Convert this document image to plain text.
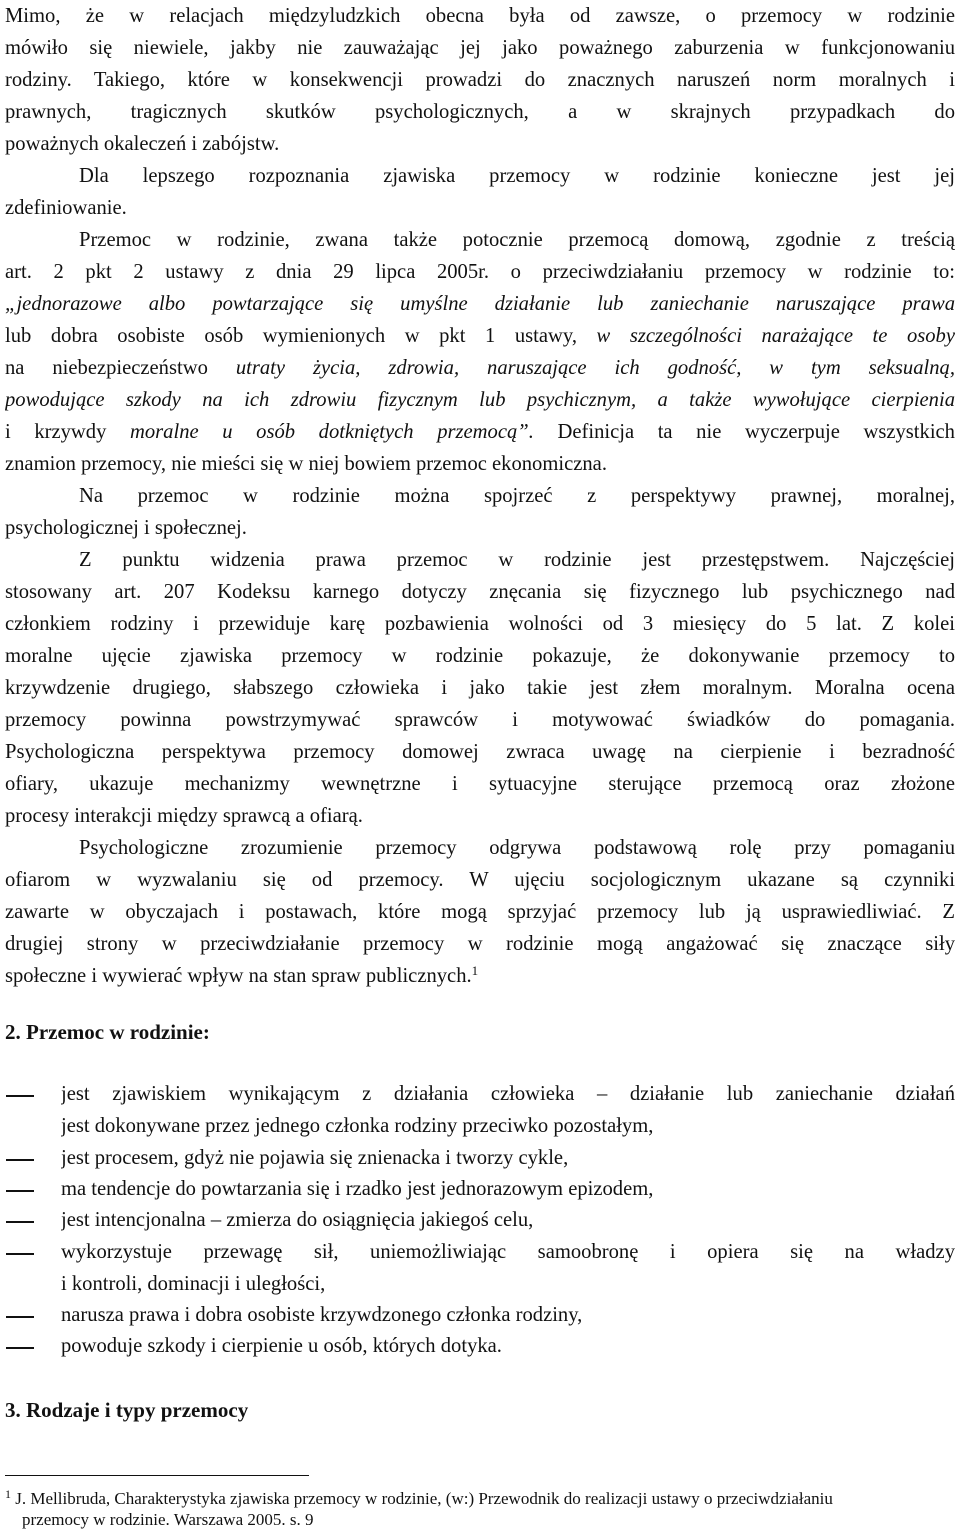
Mimo, że w relacjach międzyludzkich obecna była od zawsze, o przemocy w rodzinie

mówiło się niewiele, jakby nie zauważając jej jako poważnego zaburzenia w funkcjonowaniu

rodziny. Takiego, które w konsekwencji prowadzi do znacznych naruszeń norm moralnych i

prawnych, tragicznych skutków psychologicznych, a w skrajnych przypadkach do

poważnych okaleczeń i zabójstw.

Dla lepszego rozpoznania zjawiska przemocy w rodzinie konieczne jest jej

zdefiniowanie.

Przemoc w rodzinie, zwana także potocznie przemocą domową, zgodnie z treścią

art. 2 pkt 2 ustawy z dnia 29 lipca 2005r. o przeciwdziałaniu przemocy w rodzinie to:

„jednorazowe albo powtarzające się umyślne działanie lub zaniechanie naruszające prawa

lub dobra osobiste osób wymienionych w pkt 1 ustawy, w szczególności narażające te osoby

na niebezpieczeństwo utraty życia, zdrowia, naruszające ich godność, w tym seksualną,

powodujące szkody na ich zdrowiu fizycznym lub psychicznym, a także wywołujące cierpienia

i krzywdy moralne u osób dotkniętych przemocą”. Definicja ta nie wyczerpuje wszystkich

znamion przemocy, nie mieści się w niej bowiem przemoc ekonomiczna.

Na przemoc w rodzinie można spojrzeć z perspektywy prawnej, moralnej,

psychologicznej i społecznej.

Z punktu widzenia prawa przemoc w rodzinie jest przestępstwem. Najczęściej

stosowany art. 207 Kodeksu karnego dotyczy znęcania się fizycznego lub psychicznego nad

członkiem rodziny i przewiduje karę pozbawienia wolności od 3 miesięcy do 5 lat. Z kolei

moralne ujęcie zjawiska przemocy w rodzinie pokazuje, że dokonywanie przemocy to

krzywdzenie drugiego, słabszego człowieka i jako takie jest złem moralnym. Moralna ocena

przemocy powinna powstrzymywać sprawców i motywować świadków do pomagania.

Psychologiczna perspektywa przemocy domowej zwraca uwagę na cierpienie i bezradność

ofiary, ukazuje mechanizmy wewnętrzne i sytuacyjne sterujące przemocą oraz złożone

procesy interakcji między sprawcą a ofiarą.

Psychologiczne zrozumienie przemocy odgrywa podstawową rolę przy pomaganiu

ofiarom w wyzwalaniu się od przemocy. W ujęciu socjologicznym ukazane są czynniki

zawarte w obyczajach i postawach, które mogą sprzyjać przemocy lub ją usprawiedliwiać. Z

drugiej strony w przeciwdziałanie przemocy w rodzinie mogą angażować się znaczące siły

społeczne i wywierać wpływ na stan spraw publicznych.$^1$

2. Przemoc w rodzinie:

jest zjawiskiem wynikającym z działania człowieka – działanie lub zaniechanie działań

jest dokonywane przez jednego członka rodziny przeciwko pozostałym,

jest procesem, gdyż nie pojawia się znienacka i tworzy cykle,

ma tendencje do powtarzania się i rzadko jest jednorazowym epizodem,

jest intencjonalna – zmierza do osiągnięcia jakiegoś celu,

wykorzystuje przewagę sił, uniemożliwiając samoobronę i opiera się na władzy

i kontroli, dominacji i uległości,

narusza prawa i dobra osobiste krzywdzonego członka rodziny,

powoduje szkody i cierpienie u osób, których dotyka.

3. Rodzaje i typy przemocy

$^1$ J. Mellibruda, Charakterystyka zjawiska przemocy w rodzinie, (w:) Przewodnik do realizacji ustawy o przeciwdziałaniu

przemocy w rodzinie. Warszawa 2005. s. 9
